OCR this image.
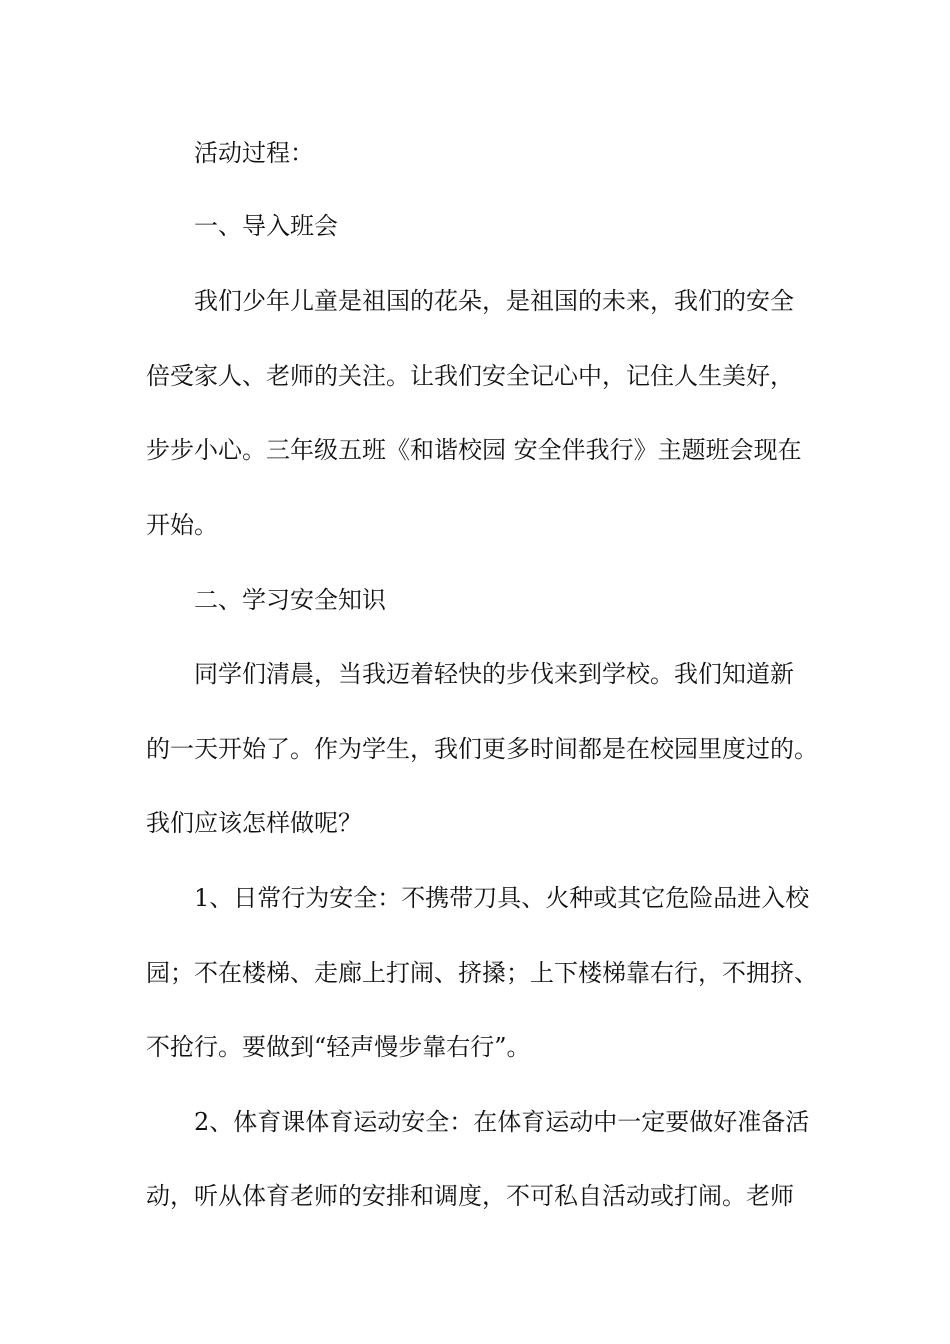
活动过程：

一、导入班会

我们少年儿童是祖国的花朵，是祖国的未来，我们的安全

倍受家人、老师的关注。让我们安全记心中，记住人生美好，

步步小心。三年级五班《和谐校园 安全伴我行》主题班会现在

开始。

二、学习安全知识

同学们清晨，当我迈着轻快的步伐来到学校。我们知道新

的一天开始了。作为学生，我们更多时间都是在校园里度过的。

我们应该怎样做呢？

1、日常行为安全：不携带刀具、火种或其它危险品进入校

园；不在楼梯、走廊上打闹、挤搡；上下楼梯靠右行，不拥挤、

不抢行。要做到“轻声慢步靠右行”。

2、体育课体育运动安全：在体育运动中一定要做好准备活

动，听从体育老师的安排和调度，不可私自活动或打闹。老师
